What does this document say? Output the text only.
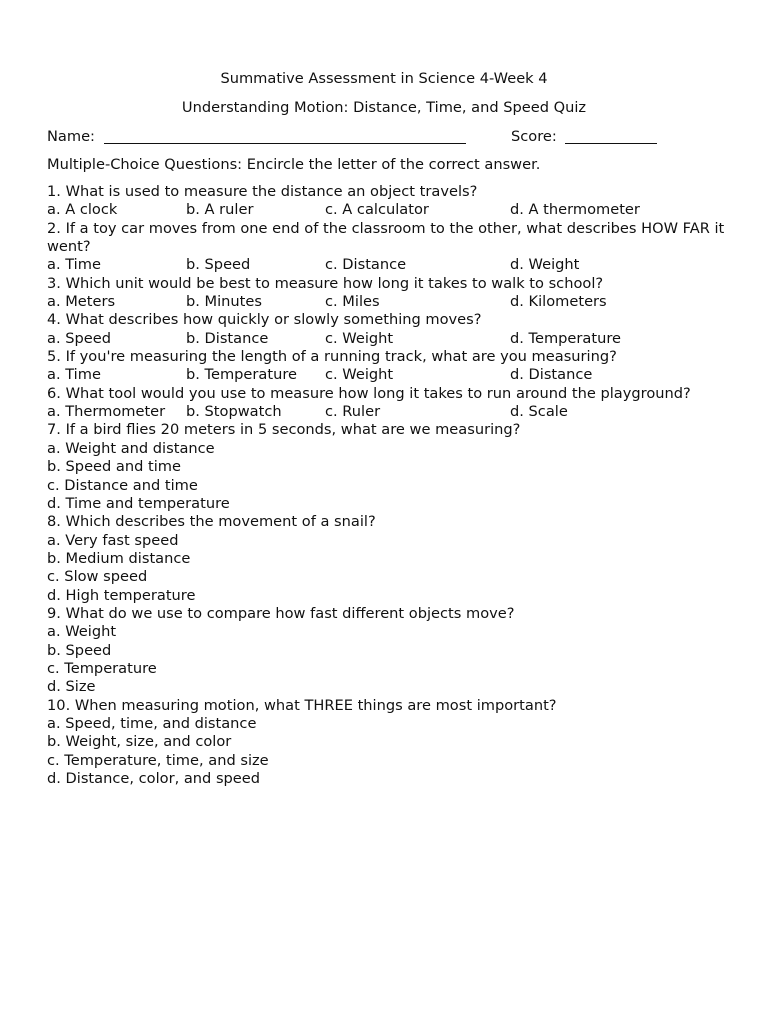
Summative Assessment in Science 4-Week 4
Understanding Motion: Distance, Time, and Speed Quiz
Name:	Score:
Multiple-Choice Questions: Encircle the letter of the correct answer.
1. What is used to measure the distance an object travels?
a. A clock	b. A ruler	c. A calculator	d. A thermometer
2. If a toy car moves from one end of the classroom to the other, what describes HOW FAR it went?
a. Time	b. Speed	c. Distance	d. Weight
3. Which unit would be best to measure how long it takes to walk to school?
a. Meters	b. Minutes	c. Miles	d. Kilometers
4. What describes how quickly or slowly something moves?
a. Speed	b. Distance	c. Weight	d. Temperature
5. If you're measuring the length of a running track, what are you measuring?
a. Time	b. Temperature c. Weight	d. Distance
6. What tool would you use to measure how long it takes to run around the playground?
a. Thermometer b. Stopwatch	c. Ruler	d. Scale
7. If a bird flies 20 meters in 5 seconds, what are we measuring?
a. Weight and distance
b. Speed and time
c. Distance and time
d. Time and temperature
8. Which describes the movement of a snail?
a. Very fast speed
b. Medium distance
c. Slow speed
d. High temperature
9. What do we use to compare how fast different objects move?
a. Weight
b. Speed
c. Temperature
d. Size
10. When measuring motion, what THREE things are most important?
a. Speed, time, and distance
b. Weight, size, and color
c. Temperature, time, and size
d. Distance, color, and speed
